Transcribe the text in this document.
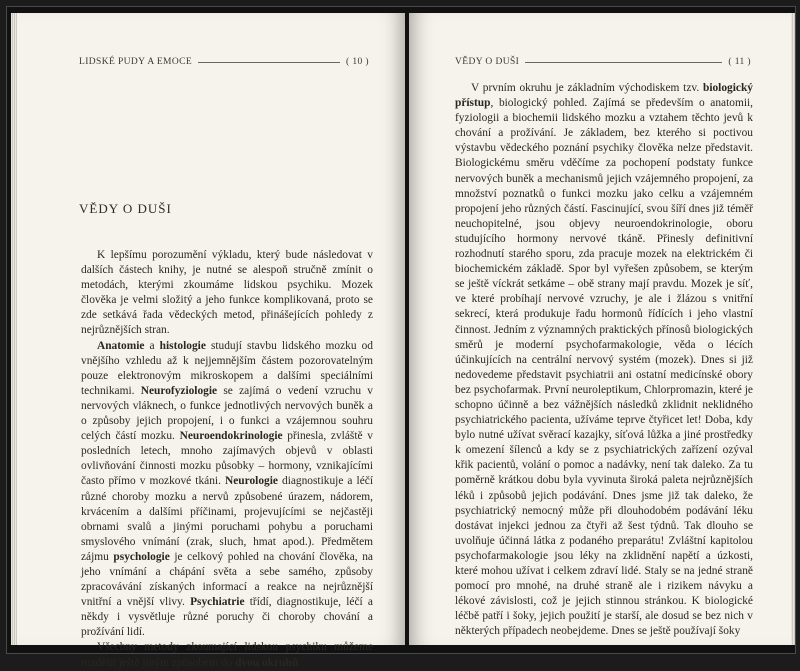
LIDSKÉ PUDY A EMOCE	( 10 )
VĚDY O DUŠI

K lepšímu porozumění výkladu, který bude následovat v dalších částech knihy, je nutné se alespoň stručně zmínit o metodách, kterými zkoumáme lidskou psychiku. Mozek člověka je velmi složitý a jeho funkce komplikovaná, proto se zde setkává řada vědeckých metod, přinášejících pohledy z nejrůznějších stran.

Anatomie a histologie studují stavbu lidského mozku od vnějšího vzhledu až k nejjemnějším částem pozorovatelným pouze elektronovým mikroskopem a dalšími speciálními technikami. Neurofyziologie se zajímá o vedení vzruchu v nervových vláknech, o funkce jednotlivých nervových buněk a o způsoby jejich propojení, i o funkci a vzájemnou souhru celých částí mozku. Neuroendokrinologie přinesla, zvláště v posledních letech, mnoho zajímavých objevů v oblasti ovlivňování činnosti mozku působky – hormony, vznikajícími často přímo v mozkové tkáni. Neurologie diagnostikuje a léčí různé choroby mozku a nervů způsobené úrazem, nádorem, krvácením a dalšími příčinami, projevujícími se nejčastěji obrnami svalů a jinými poruchami pohybu a poruchami smyslového vnímání (zrak, sluch, hmat apod.). Předmětem zájmu psychologie je celkový pohled na chování člověka, na jeho vnímání a chápání světa a sebe samého, způsoby zpracovávání získaných informací a reakce na nejrůznější vnitřní a vnější vlivy. Psychiatrie třídí, diagnostikuje, léčí a někdy i vysvětluje různé poruchy či choroby chování a prožívání lidí.

Všechny metody zkoumající lidskou psychiku můžeme rozdělit ještě jiným způsobem do dvou okruhů.

VĚDY O DUŠI	( 11 )

V prvním okruhu je základním východiskem tzv. biologický přístup, biologický pohled. Zajímá se především o anatomii, fyziologii a biochemii lidského mozku a vztahem těchto jevů k chování a prožívání. Je základem, bez kterého si poctivou výstavbu vědeckého poznání psychiky člověka nelze představit. Biologickému směru vděčíme za pochopení podstaty funkce nervových buněk a mechanismů jejich vzájemného propojení, za množství poznatků o funkci mozku jako celku a vzájemném propojení jeho různých částí. Fascinující, svou šíří dnes již téměř neuchopitelné, jsou objevy neuroendokrinologie, oboru studujícího hormony nervové tkáně. Přinesly definitivní rozhodnutí starého sporu, zda pracuje mozek na elektrickém či biochemickém základě. Spor byl vyřešen způsobem, se kterým se ještě víckrát setkáme – obě strany mají pravdu. Mozek je síť, ve které probíhají nervové vzruchy, je ale i žlázou s vnitřní sekrecí, která produkuje řadu hormonů řídících i jeho vlastní činnost. Jedním z významných praktických přínosů biologických směrů je moderní psychofarmakologie, věda o lécích účinkujících na centrální nervový systém (mozek). Dnes si již nedovedeme představit psychiatrii ani ostatní medicínské obory bez psychofarmak. První neuroleptikum, Chlorpromazin, které je schopno účinně a bez vážnějších následků zklidnit neklidného psychiatrického pacienta, užíváme teprve čtyřicet let! Doba, kdy bylo nutné užívat svěrací kazajky, síťová lůžka a jiné prostředky k omezení šílenců a kdy se z psychiatrických zařízení ozýval křik pacientů, volání o pomoc a nadávky, není tak daleko. Za tu poměrně krátkou dobu byla vyvinuta široká paleta nejrůznějších léků i způsobů jejich podávání. Dnes jsme již tak daleko, že psychiatrický nemocný může při dlouhodobém podávání léku dostávat injekci jednou za čtyři až šest týdnů. Tak dlouho se uvolňuje účinná látka z podaného preparátu! Zvláštní kapitolou psychofarmakologie jsou léky na zklidnění napětí a úzkosti, které mohou užívat i celkem zdraví lidé. Staly se na jedné straně pomocí pro mnohé, na druhé straně ale i rizikem návyku a lékové závislosti, což je jejich stinnou stránkou. K biologické léčbě patří i šoky, jejich použití je starší, ale dosud se bez nich v některých případech neobejdeme. Dnes se ještě používají šoky
